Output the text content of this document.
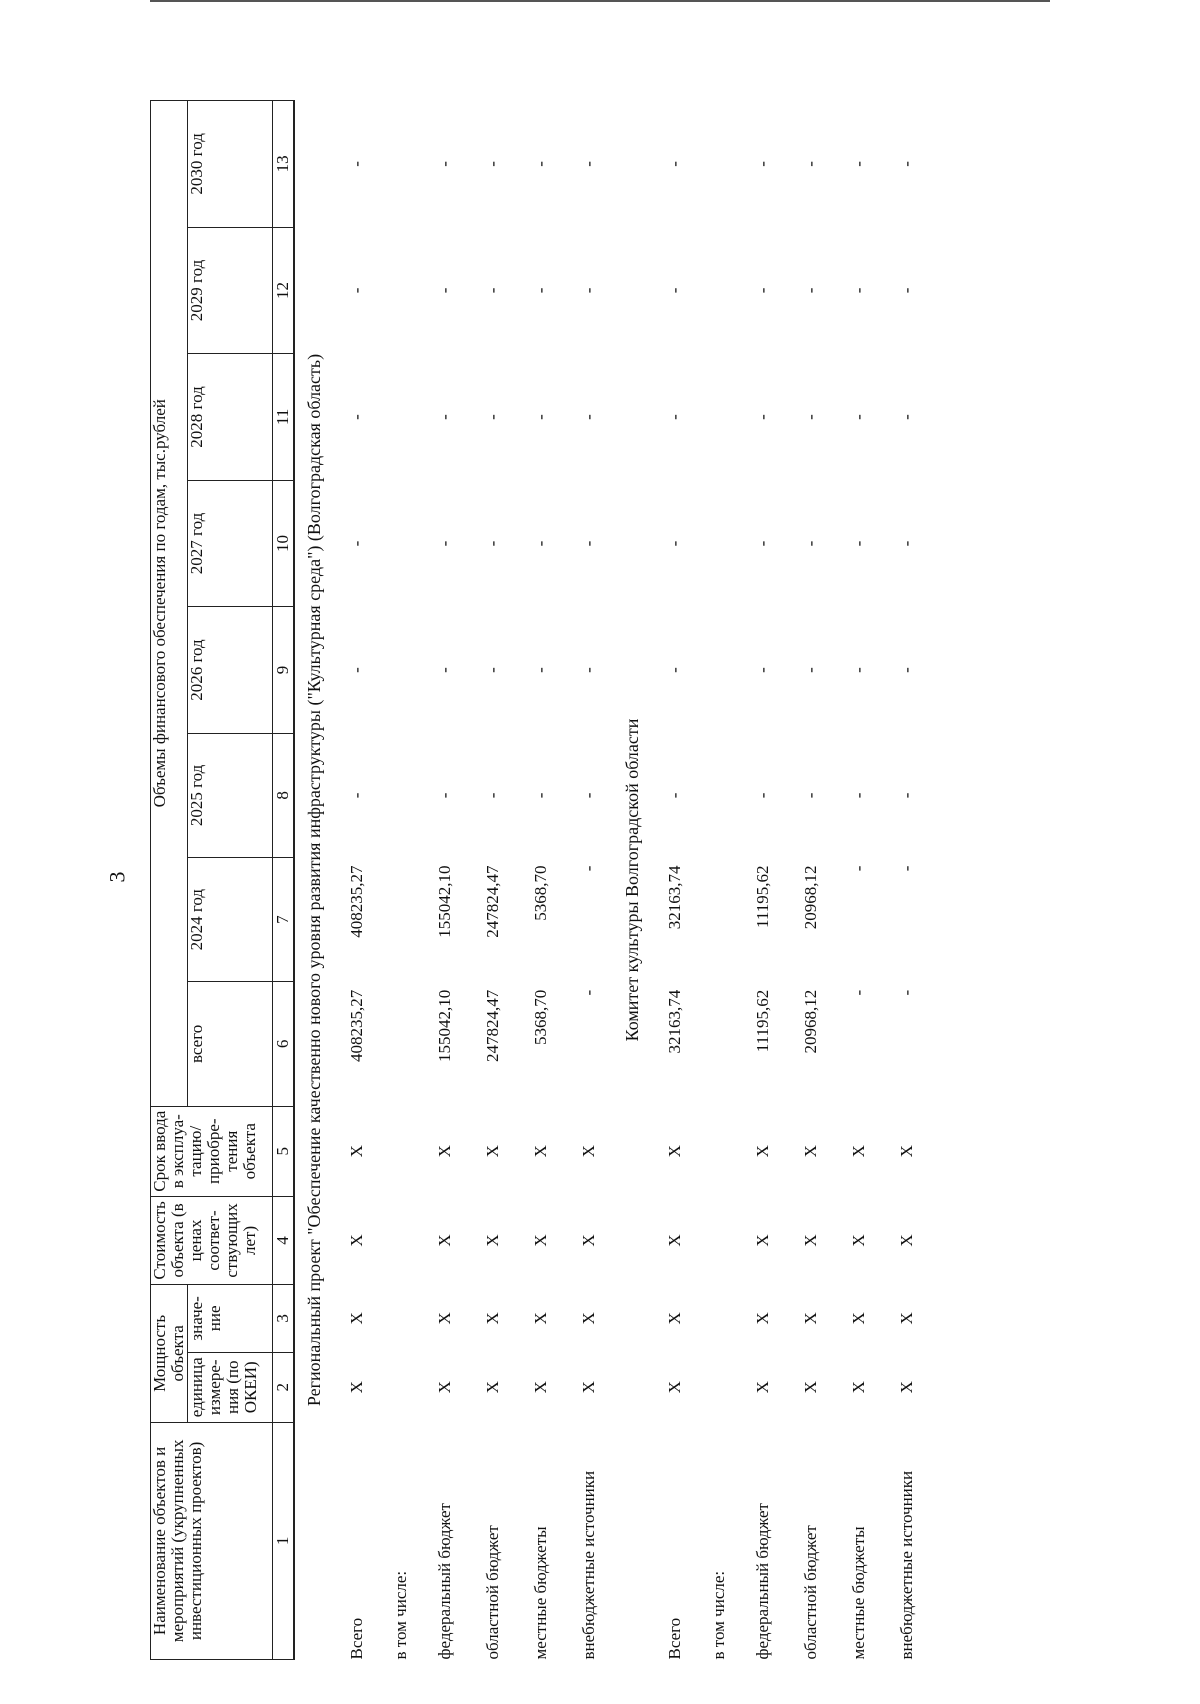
3
Наименование объектов и мероприятий (укрупненных инвестиционных проектов)	Мощность объекта		Стоимость объекта (в ценах соответ-ствующих лет)	Срок ввода в эксплуа-тацию/ приобре-тения объекта	Объемы финансового обеспечения по годам, тыс.рублей							
	единица измере-ния (по ОКЕИ)	значе-ние			всего	2024 год	2025 год	2026 год	2027 год	2028 год	2029 год	2030 год
1	2	3	4	5	6	7	8	9	10	11	12	13
Региональный проект "Обеспечение качественно нового уровня развития инфраструктуры ("Культурная среда") (Волгоградская область)												
Всего	X	X	X	X	408235,27	408235,27	-	-	-	-	-	-
в том числе:												
федеральный бюджет	X	X	X	X	155042,10	155042,10	-	-	-	-	-	-
областной бюджет	X	X	X	X	247824,47	247824,47	-	-	-	-	-	-
местные бюджеты	X	X	X	X	5368,70	5368,70	-	-	-	-	-	-
внебюджетные источники	X	X	X	X	-	-	-	-	-	-	-	-
Комитет культуры Волгоградской области												
Всего	X	X	X	X	32163,74	32163,74	-	-	-	-	-	-
в том числе:												
федеральный бюджет	X	X	X	X	11195,62	11195,62	-	-	-	-	-	-
областной бюджет	X	X	X	X	20968,12	20968,12	-	-	-	-	-	-
местные бюджеты	X	X	X	X	-	-	-	-	-	-	-	-
внебюджетные источники	X	X	X	X	-	-	-	-	-	-	-	-
